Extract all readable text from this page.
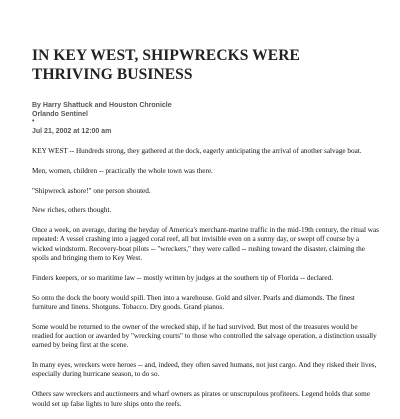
IN KEY WEST, SHIPWRECKS WERE THRIVING BUSINESS
By Harry Shattuck and Houston Chronicle
Orlando Sentinel
•
Jul 21, 2002 at 12:00 am

KEY WEST -- Hundreds strong, they gathered at the dock, eagerly anticipating the arrival of another salvage boat.

Men, women, children -- practically the whole town was there.

"Shipwreck ashore!" one person shouted.

New riches, others thought.

Once a week, on average, during the heyday of America's merchant-marine traffic in the mid-19th century, the ritual was repeated: A vessel crashing into a jagged coral reef, all but invisible even on a sunny day, or swept off course by a wicked windstorm. Recovery-boat pilots -- "wreckers," they were called -- rushing toward the disaster, claiming the spoils and bringing them to Key West.

Finders keepers, or so maritime law -- mostly written by judges at the southern tip of Florida -- declared.

So onto the dock the booty would spill. Then into a warehouse. Gold and silver. Pearls and diamonds. The finest furniture and linens. Shotguns. Tobacco. Dry goods. Grand pianos.

Some would be returned to the owner of the wrecked ship, if he had survived. But most of the treasures would be readied for auction or awarded by "wrecking courts" to those who controlled the salvage operation, a distinction usually earned by being first at the scene.

In many eyes, wreckers were heroes -- and, indeed, they often saved humans, not just cargo. And they risked their lives, especially during hurricane season, to do so.

Others saw wreckers and auctioneers and wharf owners as pirates or unscrupulous profiteers. Legend holds that some would set up false lights to lure ships onto the reefs.
